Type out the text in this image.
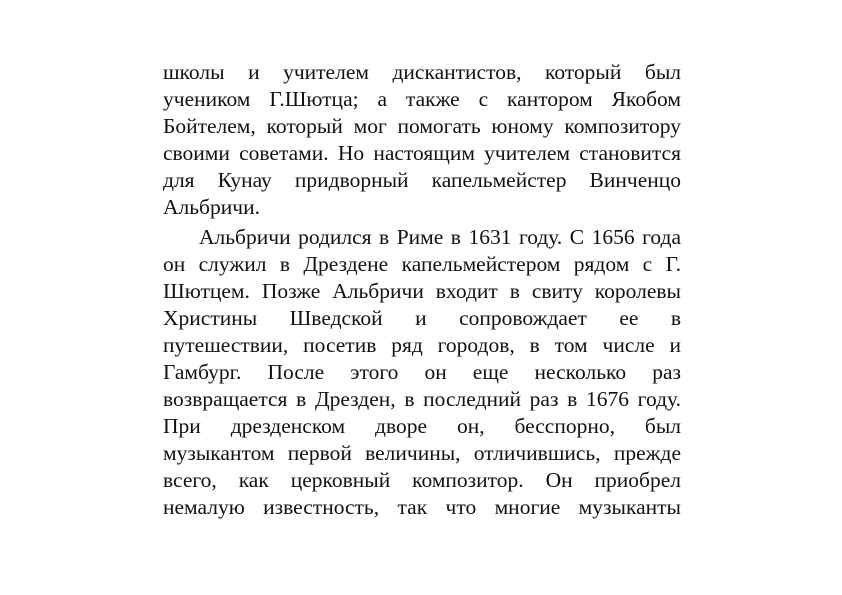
школы и учителем дискантистов, который был
учеником Г.Шютца; а также с кантором Якобом
Бойтелем, который мог помогать юному композитору
своими советами. Но настоящим учителем становится
для Кунау придворный капельмейстер Винченцо
Альбричи.
Альбричи родился в Риме в 1631 году. С 1656 года
он служил в Дрездене капельмейстером рядом с Г.
Шютцем. Позже Альбричи входит в свиту королевы
Христины Шведской и сопровождает ее в
путешествии, посетив ряд городов, в том числе и
Гамбург. После этого он еще несколько раз
возвращается в Дрезден, в последний раз в 1676 году.
При дрезденском дворе он, бесспорно, был
музыкантом первой величины, отличившись, прежде
всего, как церковный композитор. Он приобрел
немалую известность, так что многие музыканты
